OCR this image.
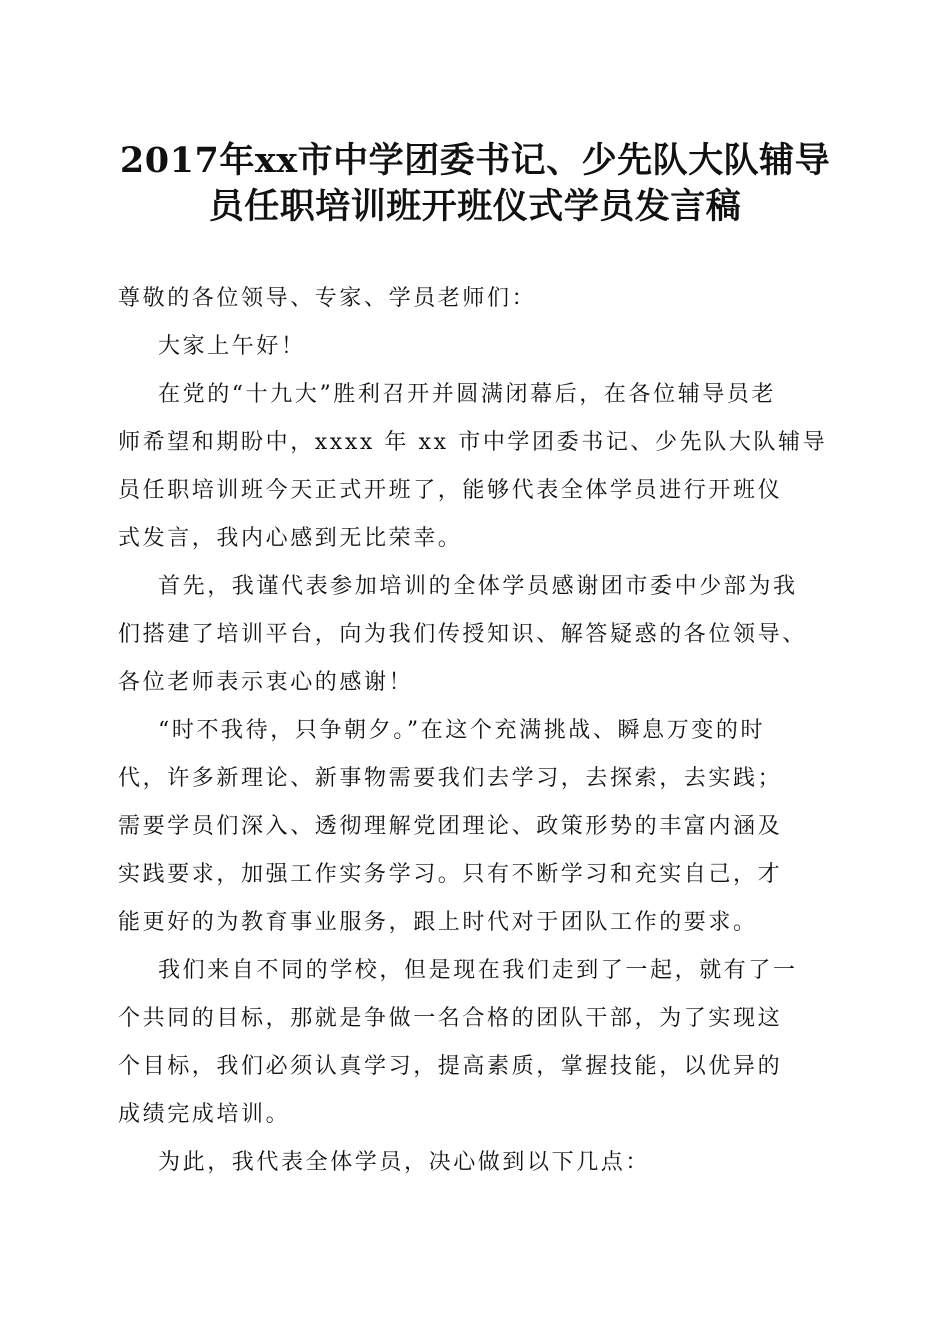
2017年xx市中学团委书记、少先队大队辅导
员任职培训班开班仪式学员发言稿
尊敬的各位领导、专家、学员老师们：
大家上午好！
在党的“十九大”胜利召开并圆满闭幕后，在各位辅导员老
师希望和期盼中，xxxx 年 xx 市中学团委书记、少先队大队辅导
员任职培训班今天正式开班了，能够代表全体学员进行开班仪
式发言，我内心感到无比荣幸。
首先，我谨代表参加培训的全体学员感谢团市委中少部为我
们搭建了培训平台，向为我们传授知识、解答疑惑的各位领导、
各位老师表示衷心的感谢！
“时不我待，只争朝夕。”在这个充满挑战、瞬息万变的时
代，许多新理论、新事物需要我们去学习，去探索，去实践；
需要学员们深入、透彻理解党团理论、政策形势的丰富内涵及
实践要求，加强工作实务学习。只有不断学习和充实自己，才
能更好的为教育事业服务，跟上时代对于团队工作的要求。
我们来自不同的学校，但是现在我们走到了一起，就有了一
个共同的目标，那就是争做一名合格的团队干部，为了实现这
个目标，我们必须认真学习，提高素质，掌握技能，以优异的
成绩完成培训。
为此，我代表全体学员，决心做到以下几点：
